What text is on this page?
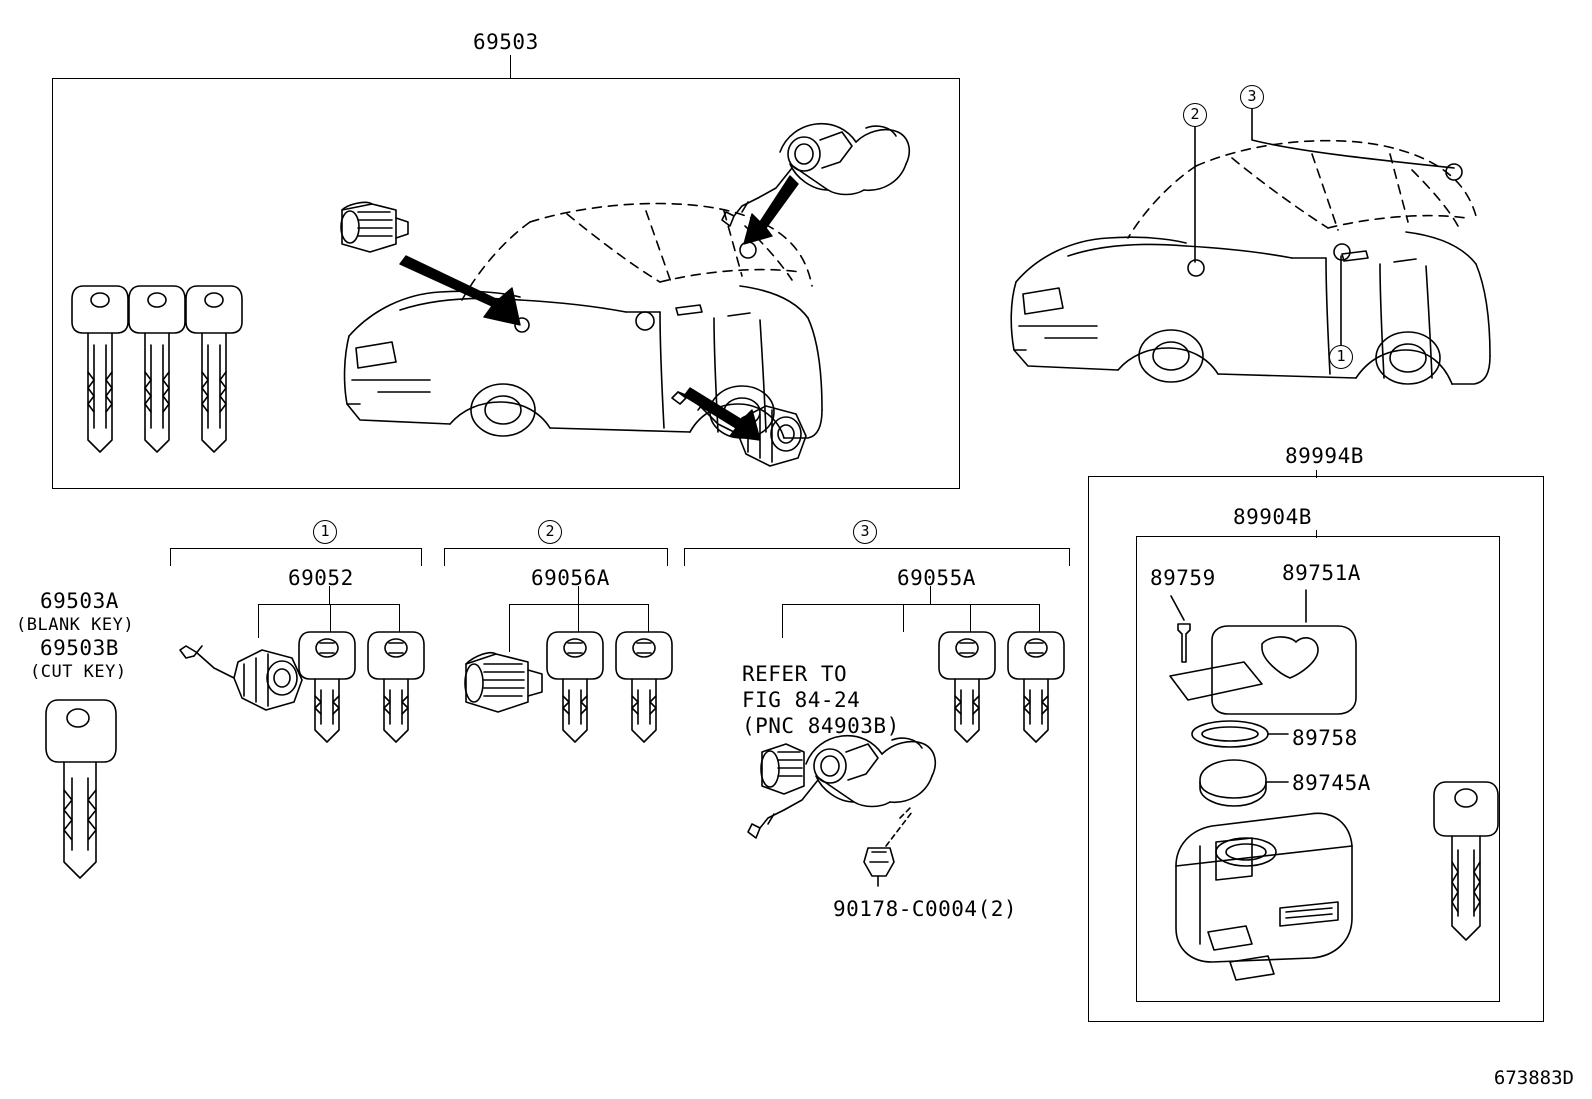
69503
69503A
(BLANK KEY)
69503B
(CUT KEY)
69052	69056A	69055A
REFER TO
FIG 84-24
(PNC 84903B)
90178-C0004(2)
89994B
89904B
89759	89751A
89758
89745A
673883D
1	2	3
2
3
1
